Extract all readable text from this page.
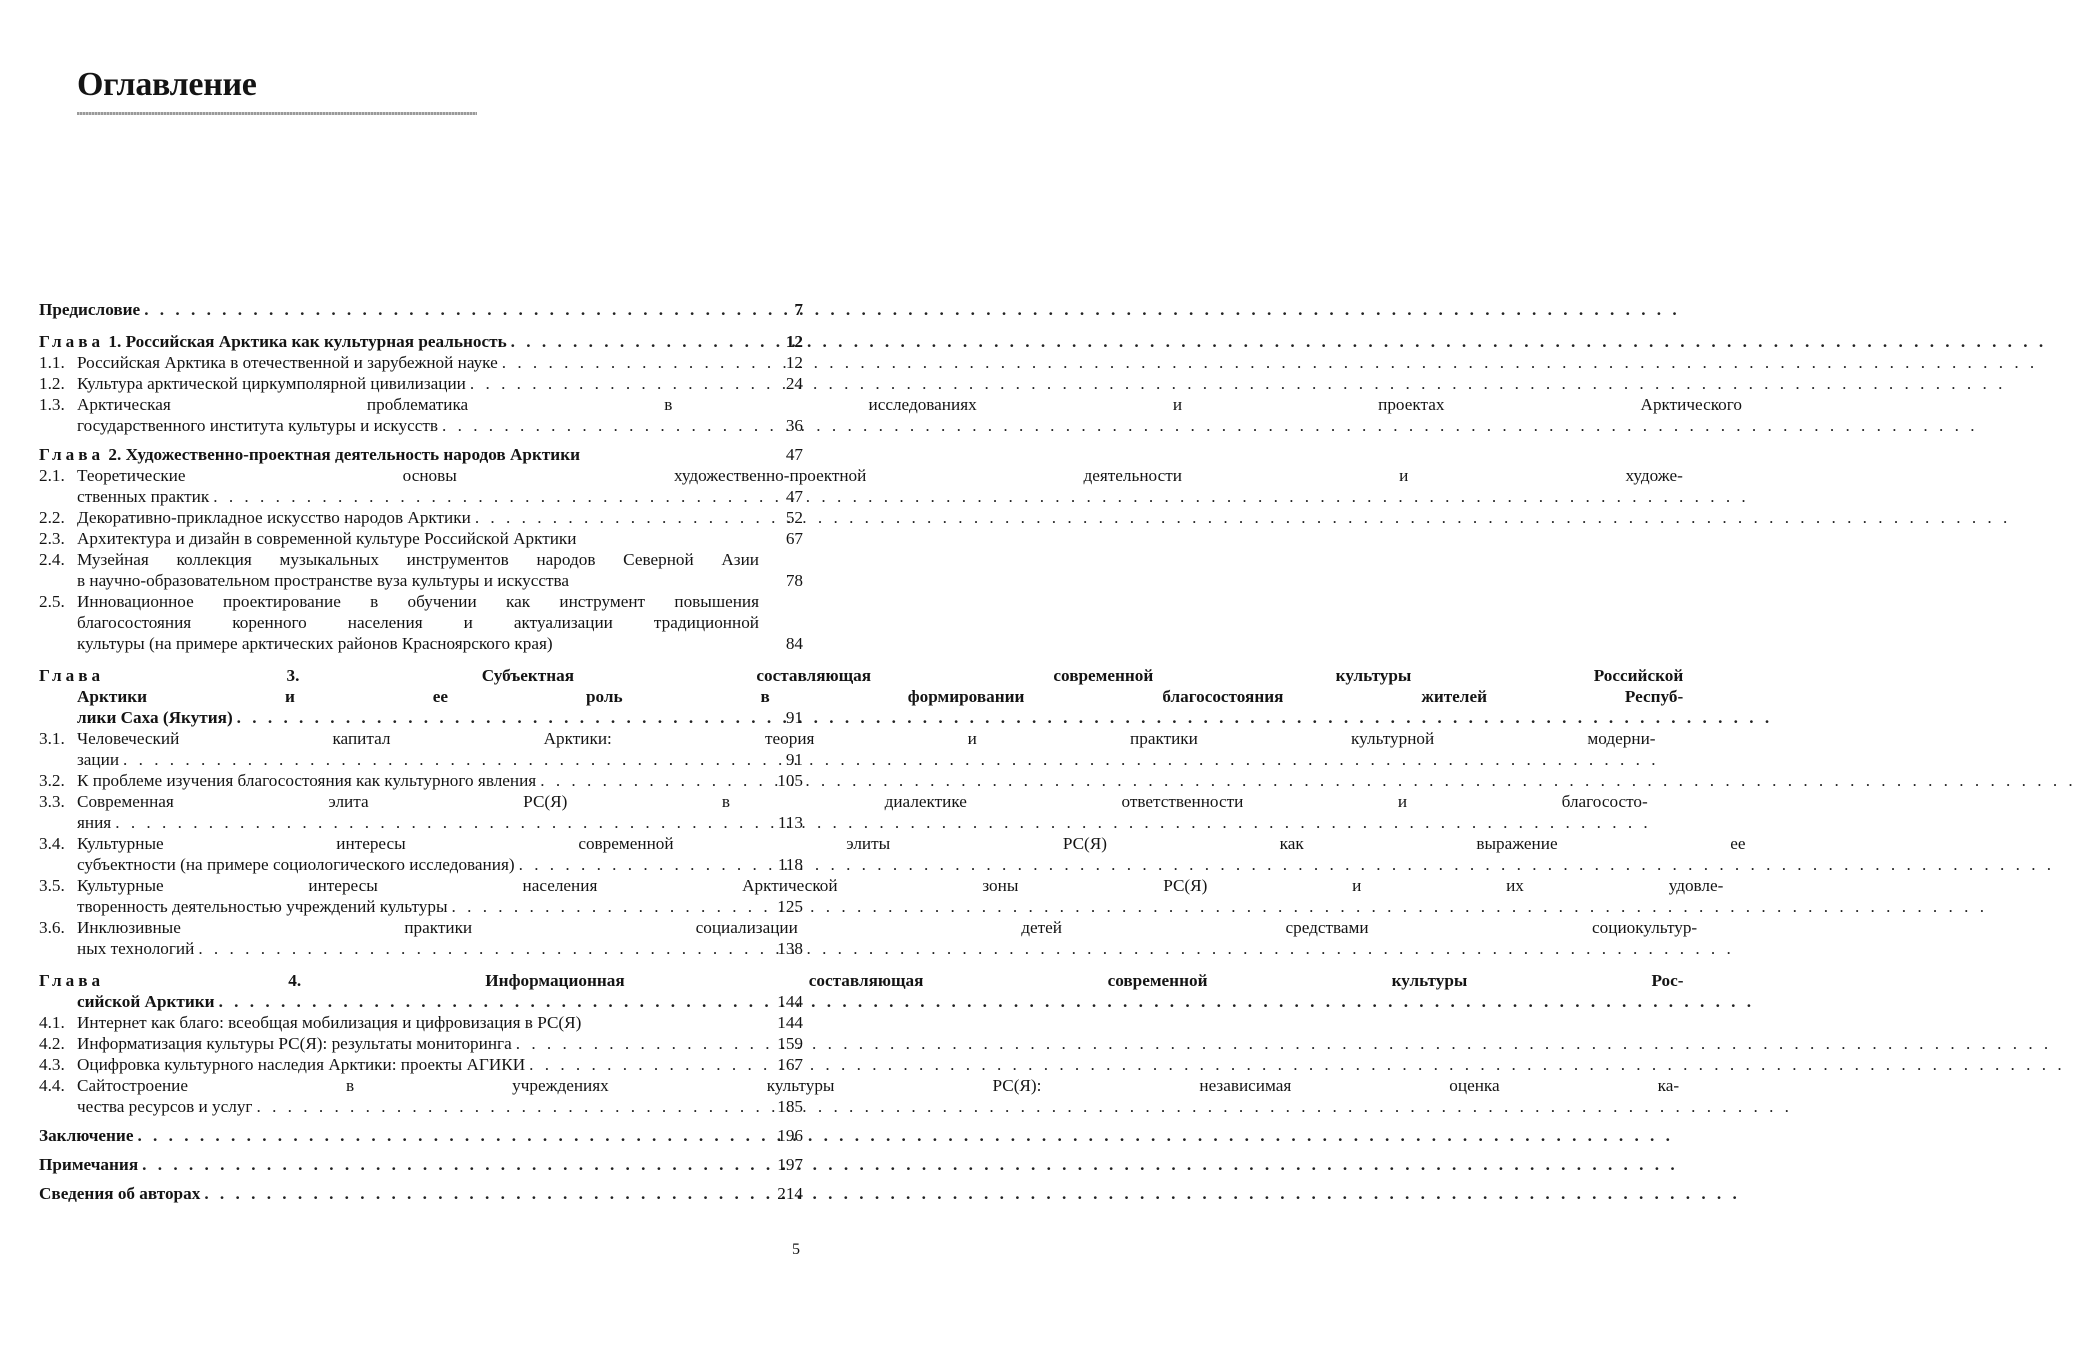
Оглавление
Предисловие . . .	7
Глава 1. Российская Арктика как культурная реальность . . .	12
1.1. Российская Арктика в отечественной и зарубежной науке . . .	12
1.2. Культура арктической циркумполярной цивилизации . . .	24
1.3. Арктическая проблематика в исследованиях и проектах Арктического
государственного института культуры и искусств . . .	36
Глава 2. Художественно-проектная деятельность народов Арктики	47
2.1. Теоретические основы художественно-проектной деятельности и художе-
ственных практик . . .	47
2.2. Декоративно-прикладное искусство народов Арктики . . .	52
2.3. Архитектура и дизайн в современной культуре Российской Арктики	67
2.4. Музейная коллекция музыкальных инструментов народов Северной Азии
в научно-образовательном пространстве вуза культуры и искусства	78
2.5. Инновационное проектирование в обучении как инструмент повышения
благосостояния коренного населения и актуализации традиционной
культуры (на примере арктических районов Красноярского края)	84
Глава	3. Субъектная составляющая современной культуры Российской
Арктики и ее роль в формировании благосостояния жителей Респуб-
лики Саха (Якутия) . . .	91
3.1. Человеческий капитал Арктики: теория и практики культурной модерни-
зации . . .	91
3.2. К проблеме изучения благосостояния как культурного явления . . .	105
3.3. Современная элита РС(Я) в диалектике ответственности и благососто-
яния . . .	113
3.4. Культурные интересы современной элиты РС(Я) как выражение ее
субъектности (на примере социологического исследования) . . .	118
3.5. Культурные интересы населения Арктической зоны РС(Я) и их удовле-
творенность деятельностью учреждений культуры . . .	125
3.6. Инклюзивные практики социализации детей средствами социокультур-
ных технологий . . .	138
Глава	4. Информационная составляющая современной культуры Рос-
сийской Арктики . . .	144
4.1. Интернет как благо: всеобщая мобилизация и цифровизация в РС(Я)	144
4.2. Информатизация культуры РС(Я): результаты мониторинга . . .	159
4.3. Оцифровка культурного наследия Арктики: проекты АГИКИ . . .	167
4.4. Сайтостроение в учреждениях культуры РС(Я): независимая оценка ка-
чества ресурсов и услуг . . .	185
Заключение . . .	196
Примечания . . .	197
Сведения об авторах . . .	214
5
